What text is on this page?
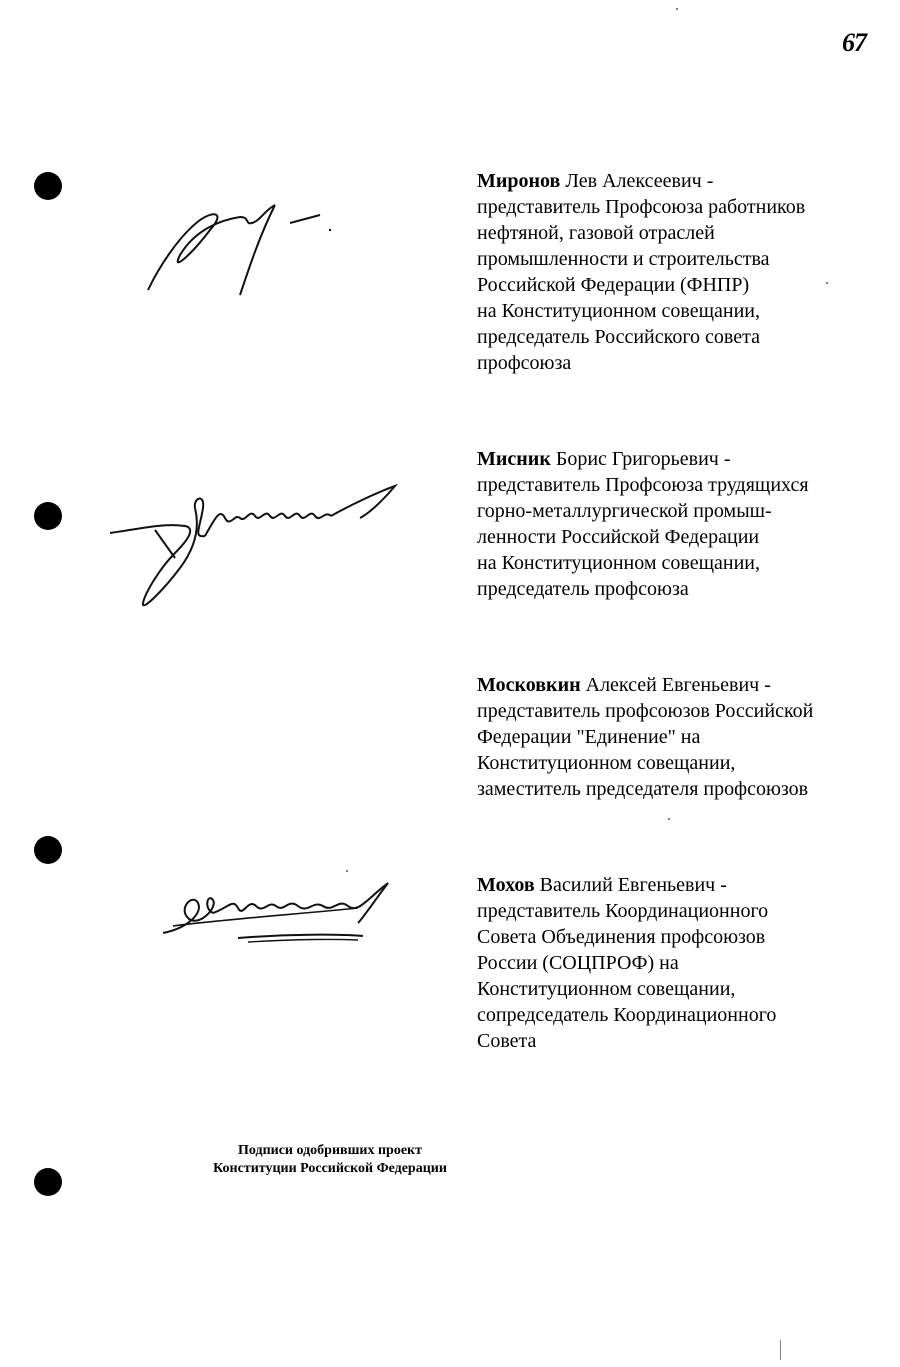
67
Миронов Лев Алексеевич -
представитель Профсоюза работников
нефтяной, газовой отраслей
промышленности и строительства
Российской Федерации (ФНПР)
на Конституционном совещании,
председатель Российского совета
профсоюза
Мисник Борис Григорьевич -
представитель Профсоюза трудящихся
горно-металлургической промыш-
ленности Российской Федерации
на Конституционном совещании,
председатель профсоюза
Московкин Алексей Евгеньевич -
представитель профсоюзов Российской
Федерации "Единение" на
Конституционном совещании,
заместитель председателя профсоюзов
Мохов Василий Евгеньевич -
представитель Координационного
Совета Объединения профсоюзов
России (СОЦПРОФ) на
Конституционном совещании,
сопредседатель Координационного
Совета
Подписи одобривших проект
Конституции Российской Федерации
